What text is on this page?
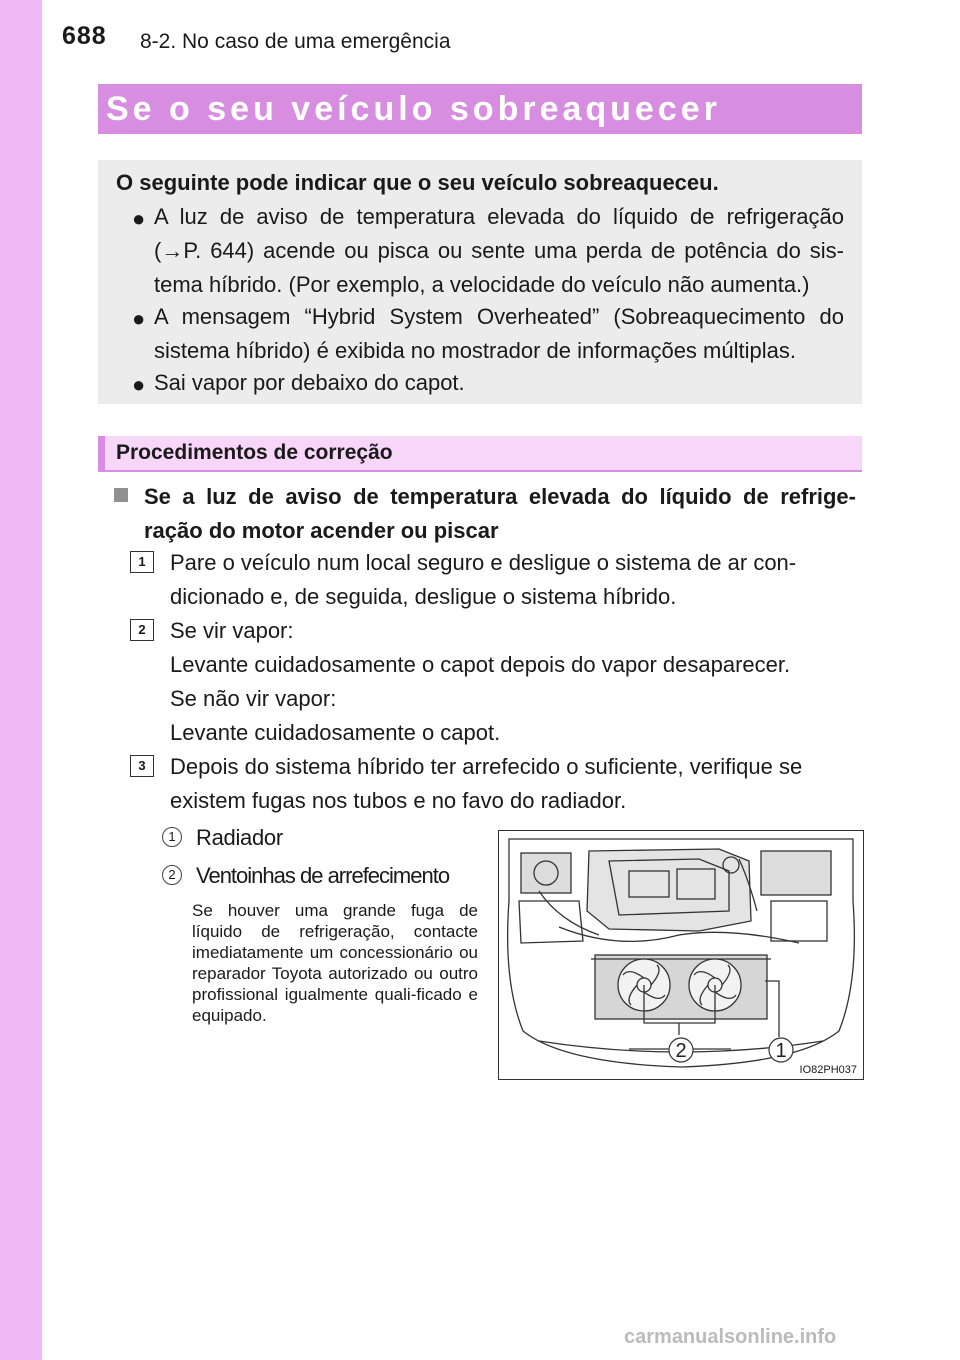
688 8-2. No caso de uma emergência
Se o seu veículo sobreaquecer
O seguinte pode indicar que o seu veículo sobreaqueceu.
● A luz de aviso de temperatura elevada do líquido de refrigeração
(→P. 644) acende ou pisca ou sente uma perda de potência do sis-
tema híbrido. (Por exemplo, a velocidade do veículo não aumenta.)
● A mensagem “Hybrid System Overheated” (Sobreaquecimento do
sistema híbrido) é exibida no mostrador de informações múltiplas.
● Sai vapor por debaixo do capot.
Procedimentos de correção
Se a luz de aviso de temperatura elevada do líquido de refrige-
ração do motor acender ou piscar
1	Pare o veículo num local seguro e desligue o sistema de ar con-
dicionado e, de seguida, desligue o sistema híbrido.
2	Se vir vapor:
Levante cuidadosamente o capot depois do vapor desaparecer.
Se não vir vapor:
Levante cuidadosamente o capot.
3	Depois do sistema híbrido ter arrefecido o suficiente, verifique se
existem fugas nos tubos e no favo do radiador.
1 Radiador
2 Ventoinhas de arrefecimento
Se houver uma grande fuga de líquido de refrigeração, contacte imediatamente um concessionário ou reparador Toyota autorizado ou outro profissional igualmente quali-ficado e equipado.
2	1
IO82PH037
carmanualsonline.info
